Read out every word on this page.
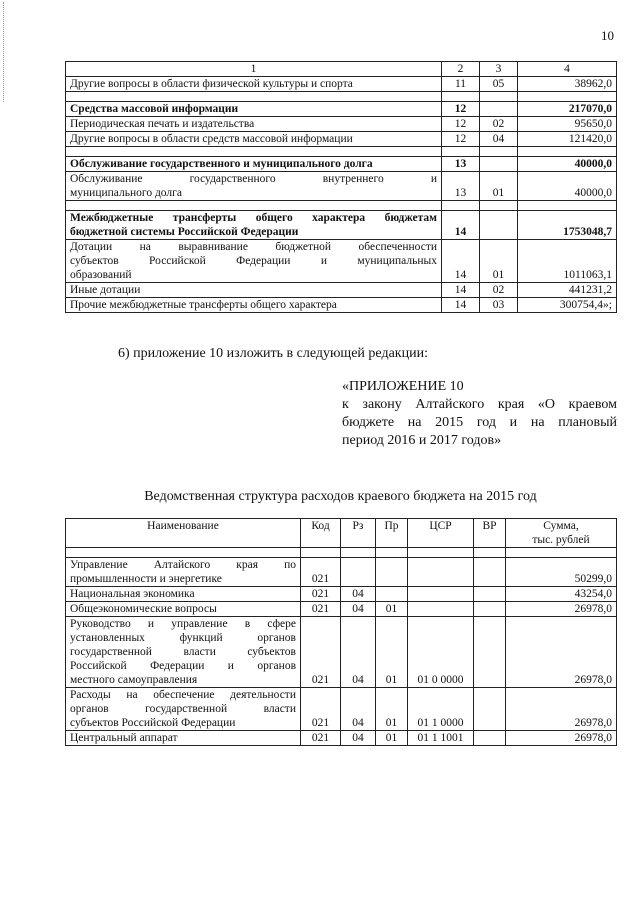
10
1	2	3	4
Другие вопросы в области физической культуры и спорта	11	05	38962,0

Средства массовой информации	12		217070,0
Периодическая печать и издательства	12	02	95650,0
Другие вопросы в области средств массовой информации	12	04	121420,0

Обслуживание государственного и муниципального долга	13		40000,0

Обслуживание государственного внутреннего и
муниципального долга	13	01	40000,0

Межбюджетные трансферты общего характера бюджетам
бюджетной системы Российской Федерации	14		1753048,7

Дотации на выравнивание бюджетной обеспеченности
субъектов Российской Федерации и муниципальных
образований	14	01	1011063,1
Иные дотации	14	02	441231,2
Прочие межбюджетные трансферты общего характера	14	03	300754,4»;
6) приложение 10 изложить в следующей редакции:
«ПРИЛОЖЕНИЕ 10
к закону Алтайского края «О краевом
бюджете на 2015 год и на плановый
период 2016 и 2017 годов»
Ведомственная структура расходов краевого бюджета на 2015 год
Наименование	Код	Рз	Пр	ЦСР	ВР	Сумма,
тыс. рублей

Управление Алтайского края по
промышленности и энергетике	021					50299,0
Национальная экономика	021	04				43254,0
Общеэкономические вопросы	021	04	01			26978,0

Руководство и управление в сфере
установленных функций органов
государственной власти субъектов
Российской Федерации и органов
местного самоуправления	021	04	01	01 0 0000		26978,0

Расходы на обеспечение деятельности
органов государственной власти
субъектов Российской Федерации	021	04	01	01 1 0000		26978,0
Центральный аппарат	021	04	01	01 1 1001		26978,0
